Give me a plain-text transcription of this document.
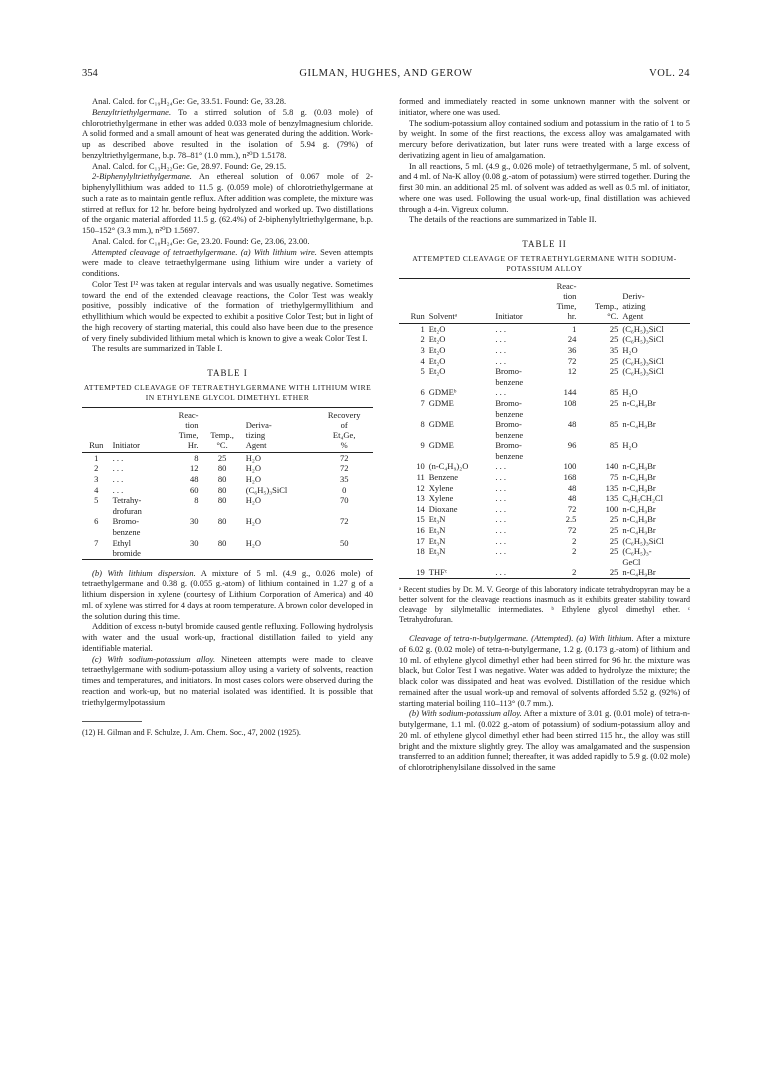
354	GILMAN, HUGHES, AND GEROW	VOL. 24

Anal. Calcd. for C₁₉H₂₄Ge: Ge, 33.51. Found: Ge, 33.28.

Benzyltriethylgermane. To a stirred solution of 5.8 g. (0.03 mole) of chlorotriethylgermane in ether was added 0.033 mole of benzylmagnesium chloride. A solid formed and a small amount of heat was generated during the addition. Work-up as described above resulted in the isolation of 5.94 g. (79%) of benzyltriethylgermane, b.p. 78–81° (1.0 mm.), n²⁰D 1.5178.

Anal. Calcd. for C₁₃H₂₂Ge: Ge, 28.97. Found: Ge, 29.15.

2-Biphenylyltriethylgermane. An ethereal solution of 0.067 mole of 2-biphenylyllithium was added to 11.5 g. (0.059 mole) of chlorotriethylgermane at such a rate as to maintain gentle reflux. After addition was complete, the mixture was stirred at reflux for 12 hr. before being hydrolyzed and worked up. Two distillations of the organic material afforded 11.5 g. (62.4%) of 2-biphenylyltriethylgermane, b.p. 150–152° (3.3 mm.), n²⁰D 1.5697.

Anal. Calcd. for C₁₈H₂₄Ge: Ge, 23.20. Found: Ge, 23.06, 23.00.

Attempted cleavage of tetraethylgermane. (a) With lithium wire. Seven attempts were made to cleave tetraethylgermane using lithium wire under a variety of conditions.

Color Test I¹² was taken at regular intervals and was usually negative. Sometimes toward the end of the extended cleavage reactions, the Color Test was weakly positive, possibly indicative of the formation of triethylgermyllithium and ethyllithium which would be expected to exhibit a positive Color Test; but in light of the high recovery of starting material, this could also have been due to the presence of very finely subdivided lithium metal which is known to give a weak Color Test I.

The results are summarized in Table I.

TABLE I
ATTEMPTED CLEAVAGE OF TETRAETHYLGERMANE WITH LITHIUM WIRE IN ETHYLENE GLYCOL DIMETHYL ETHER
Run	Initiator	Reac-
tion
Time,
Hr.	Temp.,
°C.	Deriva-
tizing
Agent	Recovery
of
Et₄Ge,
%
1	. . .	8	25	H₂O	72
2	. . .	12	80	H₂O	72
3	. . .	48	80	H₂O	35
4	. . .	60	80	(C₆H₅)₃SiCl	0
5	Tetrahy-
drofuran	8	80	H₂O	70
6	Bromo-
benzene	30	80	H₂O	72
7	Ethyl
bromide	30	80	H₂O	50

(b) With lithium dispersion. A mixture of 5 ml. (4.9 g., 0.026 mole) of tetraethylgermane and 0.38 g. (0.055 g.-atom) of lithium contained in 1.27 g of a lithium dispersion in xylene (courtesy of Lithium Corporation of America) and 40 ml. of xylene was stirred for 4 days at room temperature. A brown color developed in the solution during this time.

Addition of excess n-butyl bromide caused gentle refluxing. Following hydrolysis with water and the usual work-up, fractional distillation failed to yield any identifiable material.

(c) With sodium-potassium alloy. Nineteen attempts were made to cleave tetraethylgermane with sodium-potassium alloy using a variety of solvents, reaction times and temperatures, and initiators. In most cases colors were observed during the reaction and work-up, but no material isolated was identified. It is possible that triethylgermylpotassium

(12) H. Gilman and F. Schulze, J. Am. Chem. Soc., 47, 2002 (1925).

formed and immediately reacted in some unknown manner with the solvent or initiator, where one was used.

The sodium-potassium alloy contained sodium and potassium in the ratio of 1 to 5 by weight. In some of the first reactions, the excess alloy was amalgamated with mercury before derivatization, but later runs were treated with a large excess of derivatizing agent in lieu of amalgamation.

In all reactions, 5 ml. (4.9 g., 0.026 mole) of tetraethylgermane, 5 ml. of solvent, and 4 ml. of Na-K alloy (0.08 g.-atom of potassium) were stirred together. During the first 30 min. an additional 25 ml. of solvent was added as well as 0.5 ml. of initiator, where one was used. Following the usual work-up, final distillation was achieved through a 4-in. Vigreux column.

The details of the reactions are summarized in Table II.

TABLE II
ATTEMPTED CLEAVAGE OF TETRAETHYLGERMANE WITH SODIUM-POTASSIUM ALLOY
Run	Solventᵃ	Initiator	Reac-
tion
Time,
hr.	Temp.,
°C.	Deriv-
atizing
Agent
1	Et₂O	. . .	1	25	(C₆H₅)₃SiCl
2	Et₂O	. . .	24	25	(C₆H₅)₃SiCl
3	Et₂O	. . .	36	35	H₂O
4	Et₂O	. . .	72	25	(C₆H₅)₃SiCl
5	Et₂O	Bromo-
benzene	12	25	(C₆H₅)₃SiCl
6	GDMEᵇ	. . .	144	85	H₂O
7	GDME	Bromo-
benzene	108	25	n-C₄H₉Br
8	GDME	Bromo-
benzene	48	85	n-C₄H₉Br
9	GDME	Bromo-
benzene	96	85	H₂O
10	(n-C₄H₉)₂O	. . .	100	140	n-C₄H₉Br
11	Benzene	. . .	168	75	n-C₄H₉Br
12	Xylene	. . .	48	135	n-C₄H₉Br
13	Xylene	. . .	48	135	C₆H₅CH₂Cl
14	Dioxane	. . .	72	100	n-C₄H₉Br
15	Et₃N	. . .	2.5	25	n-C₄H₉Br
16	Et₃N	. . .	72	25	n-C₄H₉Br
17	Et₃N	. . .	2	25	(C₆H₅)₃SiCl
18	Et₃N	. . .	2	25	(C₆H₅)₃-
GeCl
19	THFᶜ	. . .	2	25	n-C₄H₉Br

ᵃ Recent studies by Dr. M. V. George of this laboratory indicate tetrahydropyran may be a better solvent for the cleavage reactions inasmuch as it exhibits greater stability toward cleavage by silylmetallic intermediates. ᵇ Ethylene glycol dimethyl ether. ᶜ Tetrahydrofuran.

Cleavage of tetra-n-butylgermane. (Attempted). (a) With lithium. After a mixture of 6.02 g. (0.02 mole) of tetra-n-butylgermane, 1.2 g. (0.173 g.-atom) of lithium and 10 ml. of ethylene glycol dimethyl ether had been stirred for 96 hr. the mixture was black, but Color Test I was negative. Water was added to hydrolyze the mixture; the black color was dissipated and heat was evolved. Distillation of the residue which remained after the usual work-up and removal of solvents afforded 5.52 g. (92%) of starting material boiling 110–113° (0.7 mm.).

(b) With sodium-potassium alloy. After a mixture of 3.01 g. (0.01 mole) of tetra-n-butylgermane, 1.1 ml. (0.022 g.-atom of potassium) of sodium-potassium alloy and 20 ml. of ethylene glycol dimethyl ether had been stirred 115 hr., the alloy was still bright and the mixture slightly grey. The alloy was amalgamated and the suspension transferred to an addition funnel; thereafter, it was added rapidly to 5.9 g. (0.02 mole) of chlorotriphenylsilane dissolved in the same
